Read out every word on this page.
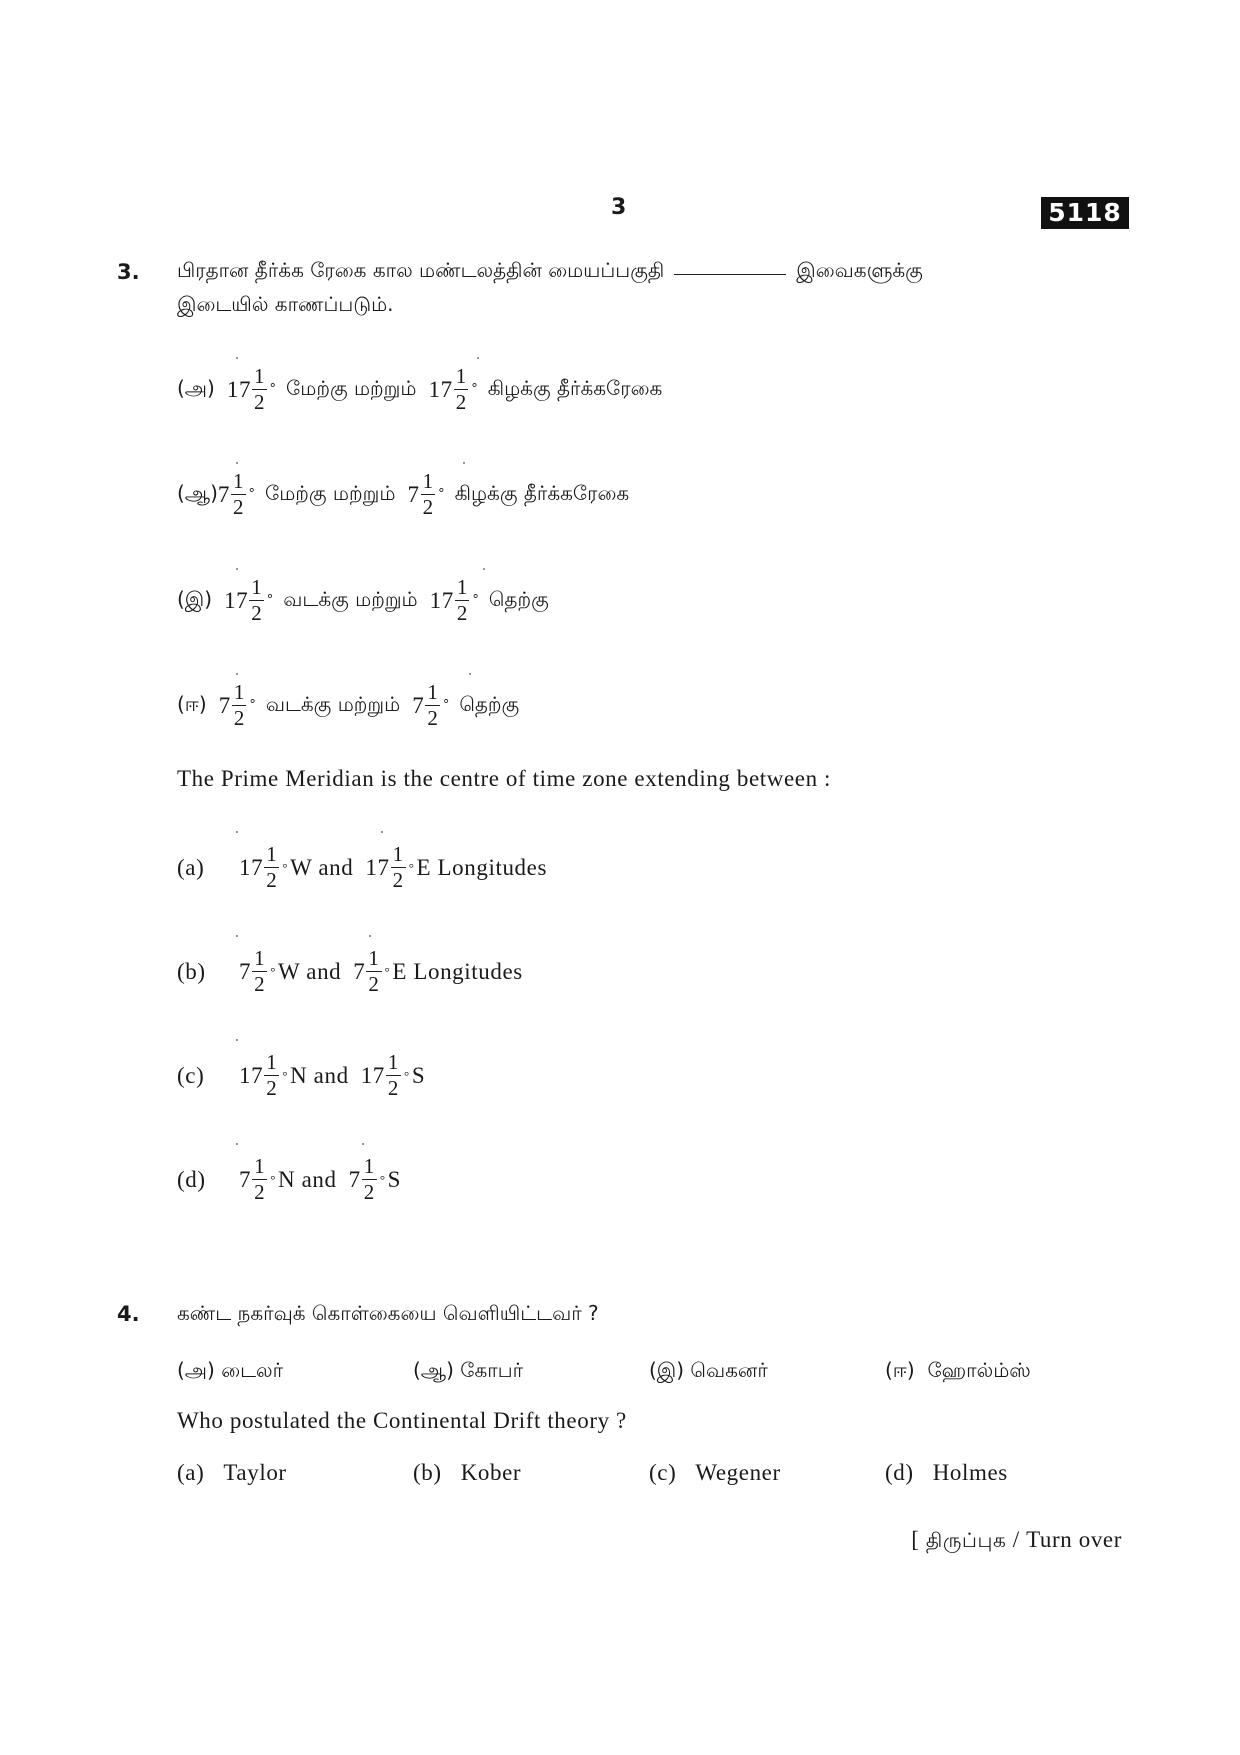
3	5118
3. பிரதான தீர்க்க ரேகை கால மண்டலத்தின் மையப்பகுதி	இவைகளுக்கு
இடையில் காணப்படும்.
(அ) $17 \frac{1}{2}$ ° மேற்கு மற்றும் $17 \frac{1}{2}$ ° கிழக்கு தீர்க்கரேகை
(ஆ) $7 \frac{1}{2}$ ° மேற்கு மற்றும் $7 \frac{1}{2}$ ° கிழக்கு தீர்க்கரேகை
(இ) $17 \frac{1}{2}$ ° வடக்கு மற்றும் $17 \frac{1}{2}$ ° தெற்கு
(ஈ) $7 \frac{1}{2}$ ° வடக்கு மற்றும் $7 \frac{1}{2}$ ° தெற்கு
The Prime Meridian is the centre of time zone extending between :
(a)	$17 \frac{1}{2}$ ° W and $17 \frac{1}{2}$ ° E Longitudes
(b)	$7 \frac{1}{2}$ ° W and $7 \frac{1}{2}$ ° E Longitudes
(c)	$17 \frac{1}{2}$ ° N and $17 \frac{1}{2}$ ° S
(d)	$7 \frac{1}{2}$ ° N and $7 \frac{1}{2}$ ° S
4. கண்ட நகர்வுக் கொள்கையை வெளியிட்டவர் ?
(அ) டைலர்	(ஆ) கோபர்	(இ) வெகனர்	(ஈ) ஹோல்ம்ஸ்
Who postulated the Continental Drift theory ?
(a) Taylor	(b) Kober	(c) Wegener	(d) Holmes
[ திருப்புக / Turn over
